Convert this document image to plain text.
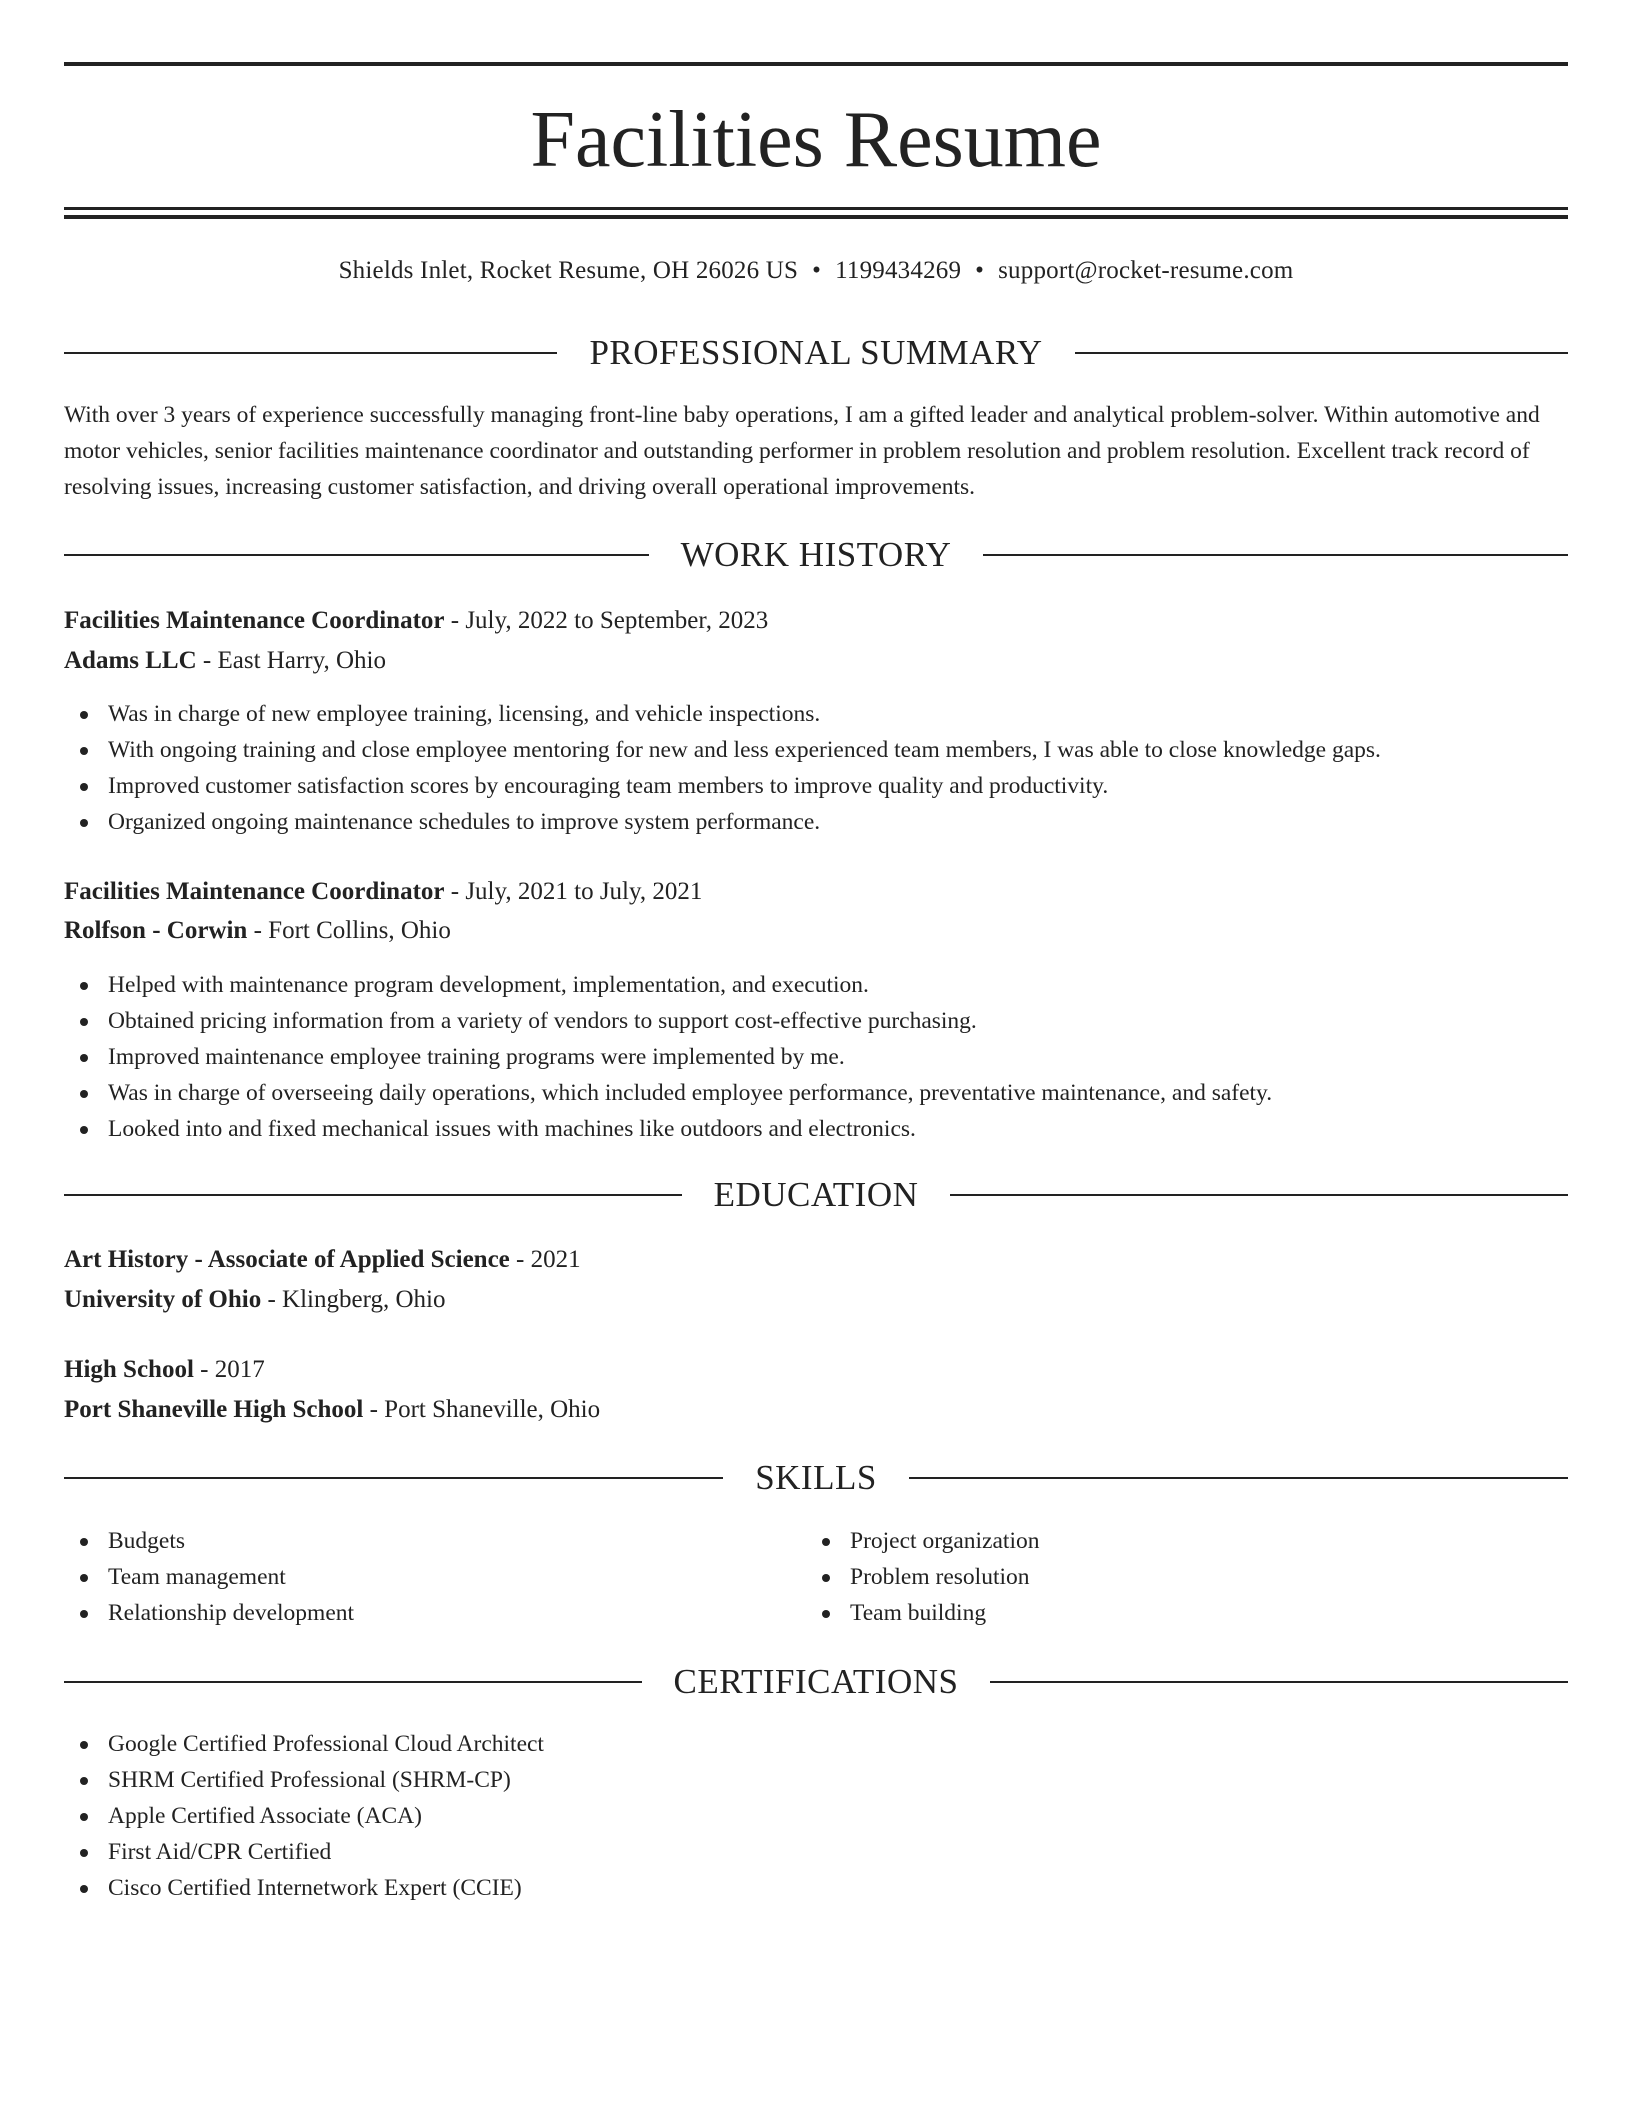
Facilities Resume
Shields Inlet, Rocket Resume, OH 26026 US • 1199434269 • support@rocket-resume.com
PROFESSIONAL SUMMARY

With over 3 years of experience successfully managing front-line baby operations, I am a gifted leader and analytical problem-solver. Within automotive and motor vehicles, senior facilities maintenance coordinator and outstanding performer in problem resolution and problem resolution. Excellent track record of resolving issues, increasing customer satisfaction, and driving overall operational improvements.

WORK HISTORY
Facilities Maintenance Coordinator - July, 2022 to September, 2023
Adams LLC - East Harry, Ohio
Was in charge of new employee training, licensing, and vehicle inspections.
With ongoing training and close employee mentoring for new and less experienced team members, I was able to close knowledge gaps.
Improved customer satisfaction scores by encouraging team members to improve quality and productivity.
Organized ongoing maintenance schedules to improve system performance.
Facilities Maintenance Coordinator - July, 2021 to July, 2021
Rolfson - Corwin - Fort Collins, Ohio
Helped with maintenance program development, implementation, and execution.
Obtained pricing information from a variety of vendors to support cost-effective purchasing.
Improved maintenance employee training programs were implemented by me.
Was in charge of overseeing daily operations, which included employee performance, preventative maintenance, and safety.
Looked into and fixed mechanical issues with machines like outdoors and electronics.
EDUCATION
Art History - Associate of Applied Science - 2021
University of Ohio - Klingberg, Ohio
High School - 2017
Port Shaneville High School - Port Shaneville, Ohio
SKILLS
Budgets
Team management
Relationship development
Project organization
Problem resolution
Team building
CERTIFICATIONS
Google Certified Professional Cloud Architect
SHRM Certified Professional (SHRM-CP)
Apple Certified Associate (ACA)
First Aid/CPR Certified
Cisco Certified Internetwork Expert (CCIE)
